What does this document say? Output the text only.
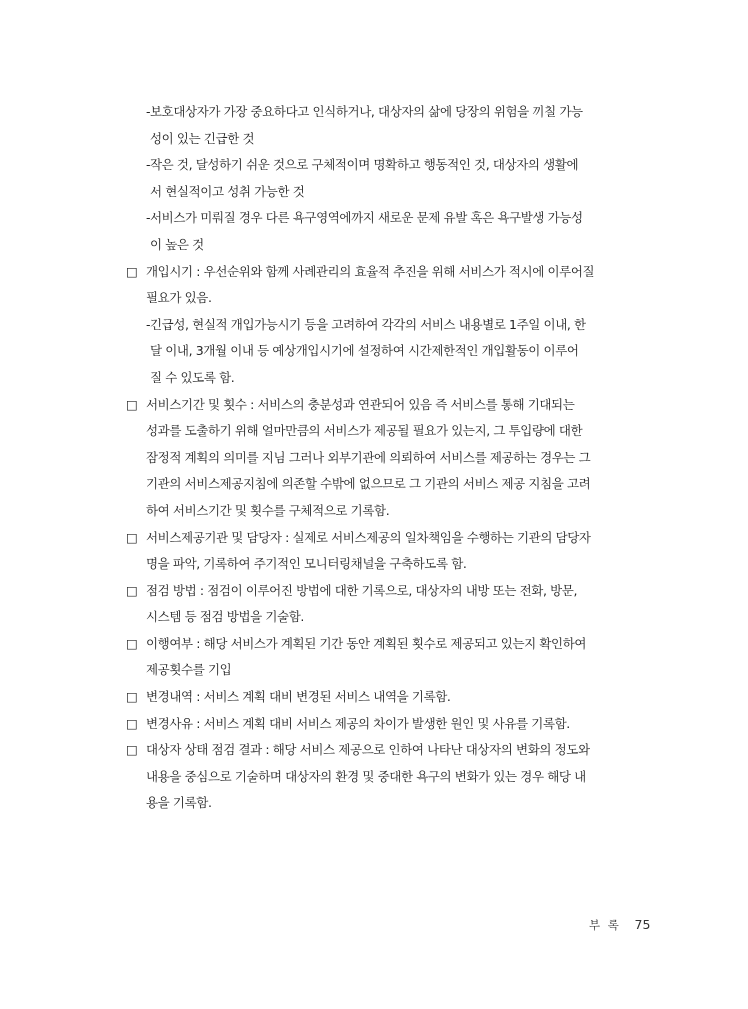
- 보호대상자가 가장 중요하다고 인식하거나, 대상자의 삶에 당장의 위험을 끼칠 가능
성이 있는 긴급한 것
- 작은 것, 달성하기 쉬운 것으로 구체적이며 명확하고 행동적인 것, 대상자의 생활에
서 현실적이고 성취 가능한 것
- 서비스가 미뤄질 경우 다른 욕구영역에까지 새로운 문제 유발 혹은 욕구발생 가능성
이 높은 것
□ 개입시기 : 우선순위와 함께 사례관리의 효율적 추진을 위해 서비스가 적시에 이루어질
필요가 있음.
- 긴급성, 현실적 개입가능시기 등을 고려하여 각각의 서비스 내용별로 1주일 이내, 한
달 이내, 3개월 이내 등 예상개입시기에 설정하여 시간제한적인 개입활동이 이루어
질 수 있도록 함.
□ 서비스기간 및 횟수 : 서비스의 충분성과 연관되어 있음 즉 서비스를 통해 기대되는
성과를 도출하기 위해 얼마만큼의 서비스가 제공될 필요가 있는지, 그 투입량에 대한
잠정적 계획의 의미를 지님 그러나 외부기관에 의뢰하여 서비스를 제공하는 경우는 그
기관의 서비스제공지침에 의존할 수밖에 없으므로 그 기관의 서비스 제공 지침을 고려
하여 서비스기간 및 횟수를 구체적으로 기록함.
□ 서비스제공기관 및 담당자 : 실제로 서비스제공의 일차책임을 수행하는 기관의 담당자
명을 파악, 기록하여 주기적인 모니터링채널을 구축하도록 함.
□ 점검 방법 : 점검이 이루어진 방법에 대한 기록으로, 대상자의 내방 또는 전화, 방문,
시스템 등 점검 방법을 기술함.
□ 이행여부 : 해당 서비스가 계획된 기간 동안 계획된 횟수로 제공되고 있는지 확인하여
제공횟수를 기입
□ 변경내역 : 서비스 계획 대비 변경된 서비스 내역을 기록함.
□ 변경사유 : 서비스 계획 대비 서비스 제공의 차이가 발생한 원인 및 사유를 기록함.
□ 대상자 상태 점검 결과 : 해당 서비스 제공으로 인하여 나타난 대상자의 변화의 정도와
내용을 중심으로 기술하며 대상자의 환경 및 중대한 욕구의 변화가 있는 경우 해당 내
용을 기록함.
부 록 75
